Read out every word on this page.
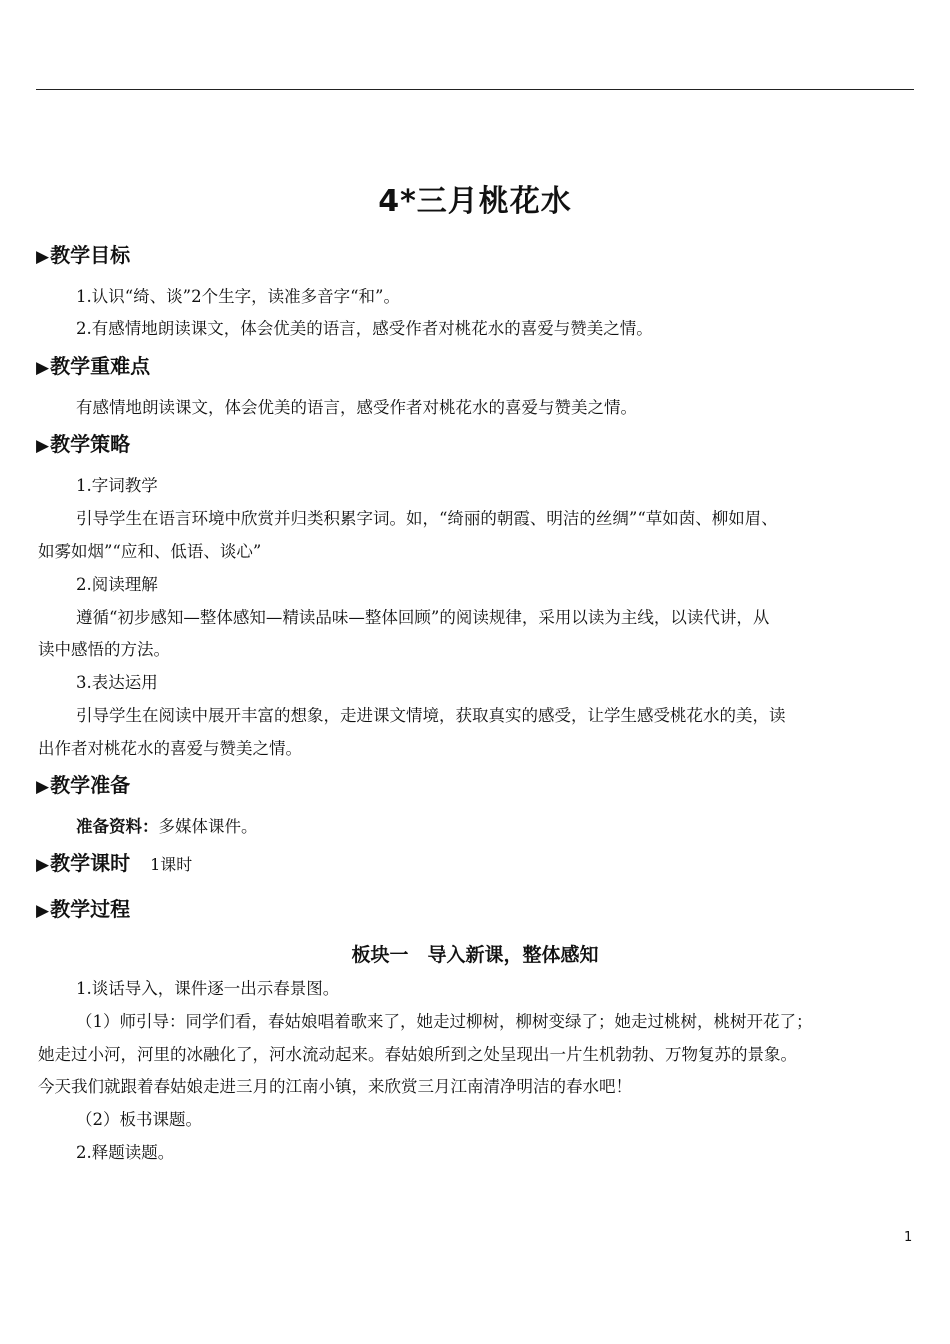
4*三月桃花水
▶教学目标
1.认识“绮、谈”2个生字，读准多音字“和”。
2.有感情地朗读课文，体会优美的语言，感受作者对桃花水的喜爱与赞美之情。
▶教学重难点
有感情地朗读课文，体会优美的语言，感受作者对桃花水的喜爱与赞美之情。
▶教学策略
1.字词教学
引导学生在语言环境中欣赏并归类积累字词。如，“绮丽的朝霞、明洁的丝绸”“草如茵、柳如眉、
如雾如烟”“应和、低语、谈心”
2.阅读理解
遵循“初步感知—整体感知—精读品味—整体回顾”的阅读规律，采用以读为主线，以读代讲，从
读中感悟的方法。
3.表达运用
引导学生在阅读中展开丰富的想象，走进课文情境，获取真实的感受，让学生感受桃花水的美，读
出作者对桃花水的喜爱与赞美之情。
▶教学准备
准备资料：多媒体课件。
▶教学课时 1课时
▶教学过程
板块一　导入新课，整体感知
1.谈话导入，课件逐一出示春景图。
（1）师引导：同学们看，春姑娘唱着歌来了，她走过柳树，柳树变绿了；她走过桃树，桃树开花了；
她走过小河，河里的冰融化了，河水流动起来。春姑娘所到之处呈现出一片生机勃勃、万物复苏的景象。
今天我们就跟着春姑娘走进三月的江南小镇，来欣赏三月江南清净明洁的春水吧！
（2）板书课题。
2.释题读题。
1
